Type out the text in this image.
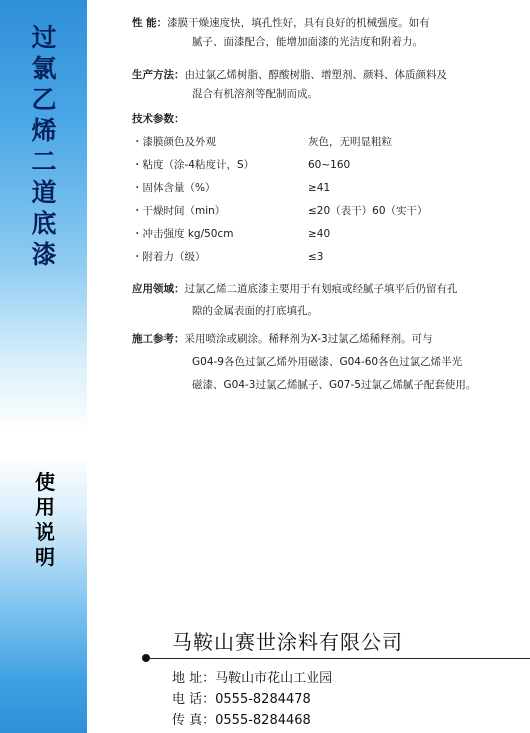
过
氯
乙
烯
二
道
底
漆
使
用
说
明
性 能：漆膜干燥速度快，填孔性好，具有良好的机械强度。如有
腻子、面漆配合，能增加面漆的光洁度和附着力。
生产方法：由过氯乙烯树脂、醇酸树脂、增塑剂、颜料、体质颜料及
混合有机溶剂等配制而成。
技术参数：
・漆膜颜色及外观	灰色，无明显粗粒
・粘度（涂-4粘度计，S）	60~160
・固体含量（%）	≥41
・干燥时间（min）	≤20（表干）60（实干）
・冲击强度 kg/50cm	≥40
・附着力（级）	≤3
应用领域：过氯乙烯二道底漆主要用于有划痕或经腻子填平后仍留有孔
隙的金属表面的打底填孔。
施工参考：采用喷涂或刷涂。稀释剂为X-3过氯乙烯稀释剂。可与
G04-9各色过氯乙烯外用磁漆、G04-60各色过氯乙烯半光
磁漆、G04-3过氯乙烯腻子、G07-5过氯乙烯腻子配套使用。
马鞍山赛世涂料有限公司
地 址：马鞍山市花山工业园
电 话：0555-8284478
传 真：0555-8284468
